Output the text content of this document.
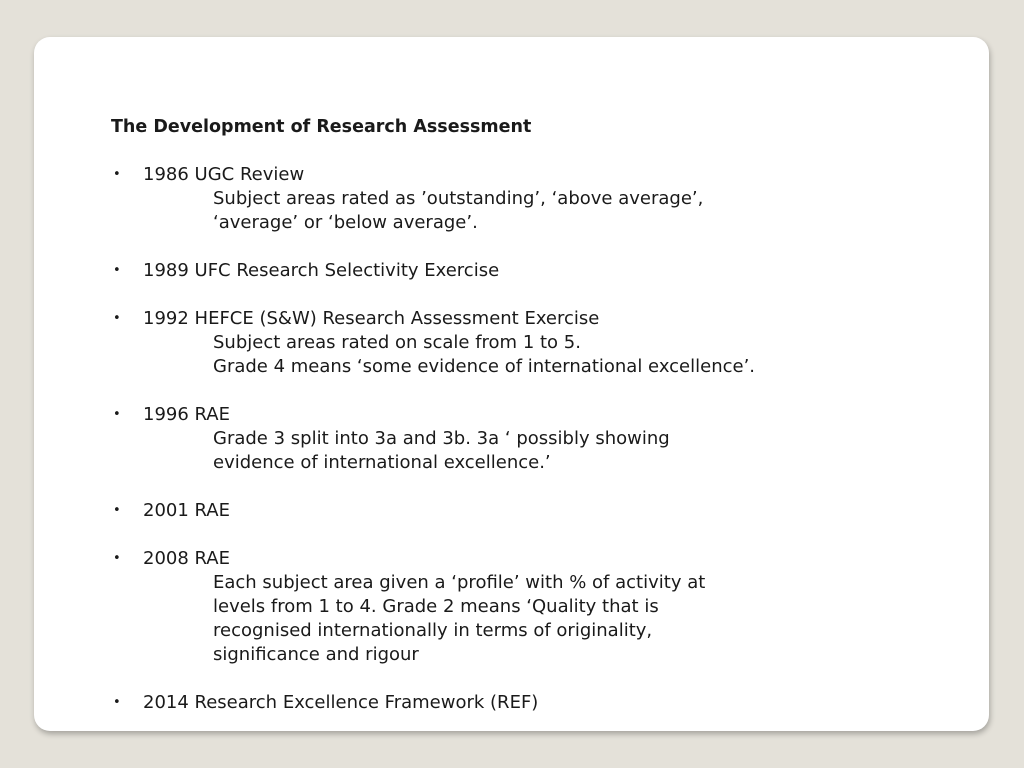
The Development of Research Assessment
• 1986 UGC Review
Subject areas rated as ’outstanding’, ‘above average’,
‘average’ or ‘below average’.
• 1989 UFC Research Selectivity Exercise
• 1992 HEFCE (S&W) Research Assessment Exercise
Subject areas rated on scale from 1 to 5.
Grade 4 means ‘some evidence of international excellence’.
• 1996 RAE
Grade 3 split into 3a and 3b. 3a ‘ possibly showing
evidence of international excellence.’
• 2001 RAE
• 2008 RAE
Each subject area given a ‘profile’ with % of activity at
levels from 1 to 4. Grade 2 means ‘Quality that is
recognised internationally in terms of originality,
significance and rigour
• 2014 Research Excellence Framework (REF)
